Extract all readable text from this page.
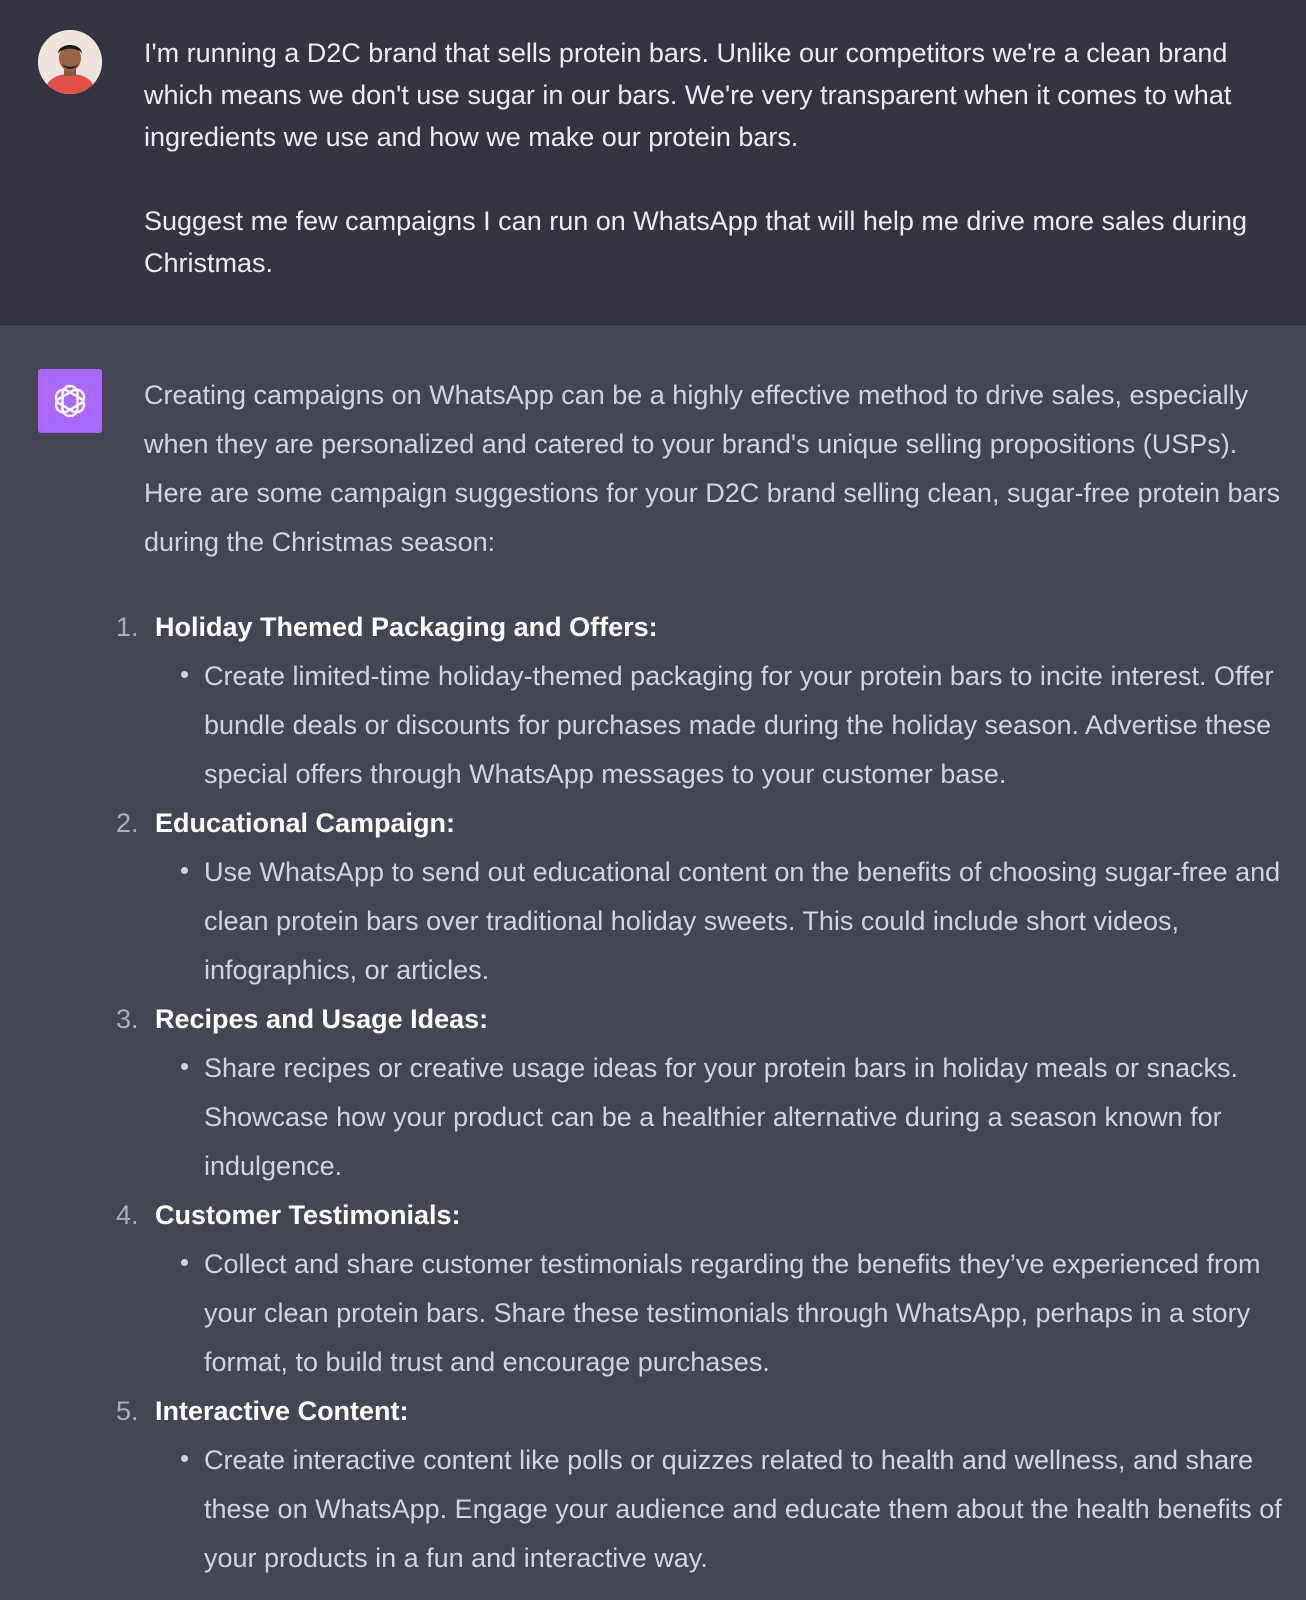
I'm running a D2C brand that sells protein bars. Unlike our competitors we're a clean brand which means we don't use sugar in our bars. We're very transparent when it comes to what ingredients we use and how we make our protein bars.

Suggest me few campaigns I can run on WhatsApp that will help me drive more sales during Christmas.

Creating campaigns on WhatsApp can be a highly effective method to drive sales, especially when they are personalized and catered to your brand's unique selling propositions (USPs). Here are some campaign suggestions for your D2C brand selling clean, sugar-free protein bars during the Christmas season:

1. Holiday Themed Packaging and Offers:
Create limited-time holiday-themed packaging for your protein bars to incite interest. Offer bundle deals or discounts for purchases made during the holiday season. Advertise these special offers through WhatsApp messages to your customer base.
2. Educational Campaign:
Use WhatsApp to send out educational content on the benefits of choosing sugar-free and clean protein bars over traditional holiday sweets. This could include short videos, infographics, or articles.
3. Recipes and Usage Ideas:
Share recipes or creative usage ideas for your protein bars in holiday meals or snacks. Showcase how your product can be a healthier alternative during a season known for indulgence.
4. Customer Testimonials:
Collect and share customer testimonials regarding the benefits they’ve experienced from your clean protein bars. Share these testimonials through WhatsApp, perhaps in a story format, to build trust and encourage purchases.
5. Interactive Content:
Create interactive content like polls or quizzes related to health and wellness, and share these on WhatsApp. Engage your audience and educate them about the health benefits of your products in a fun and interactive way.
